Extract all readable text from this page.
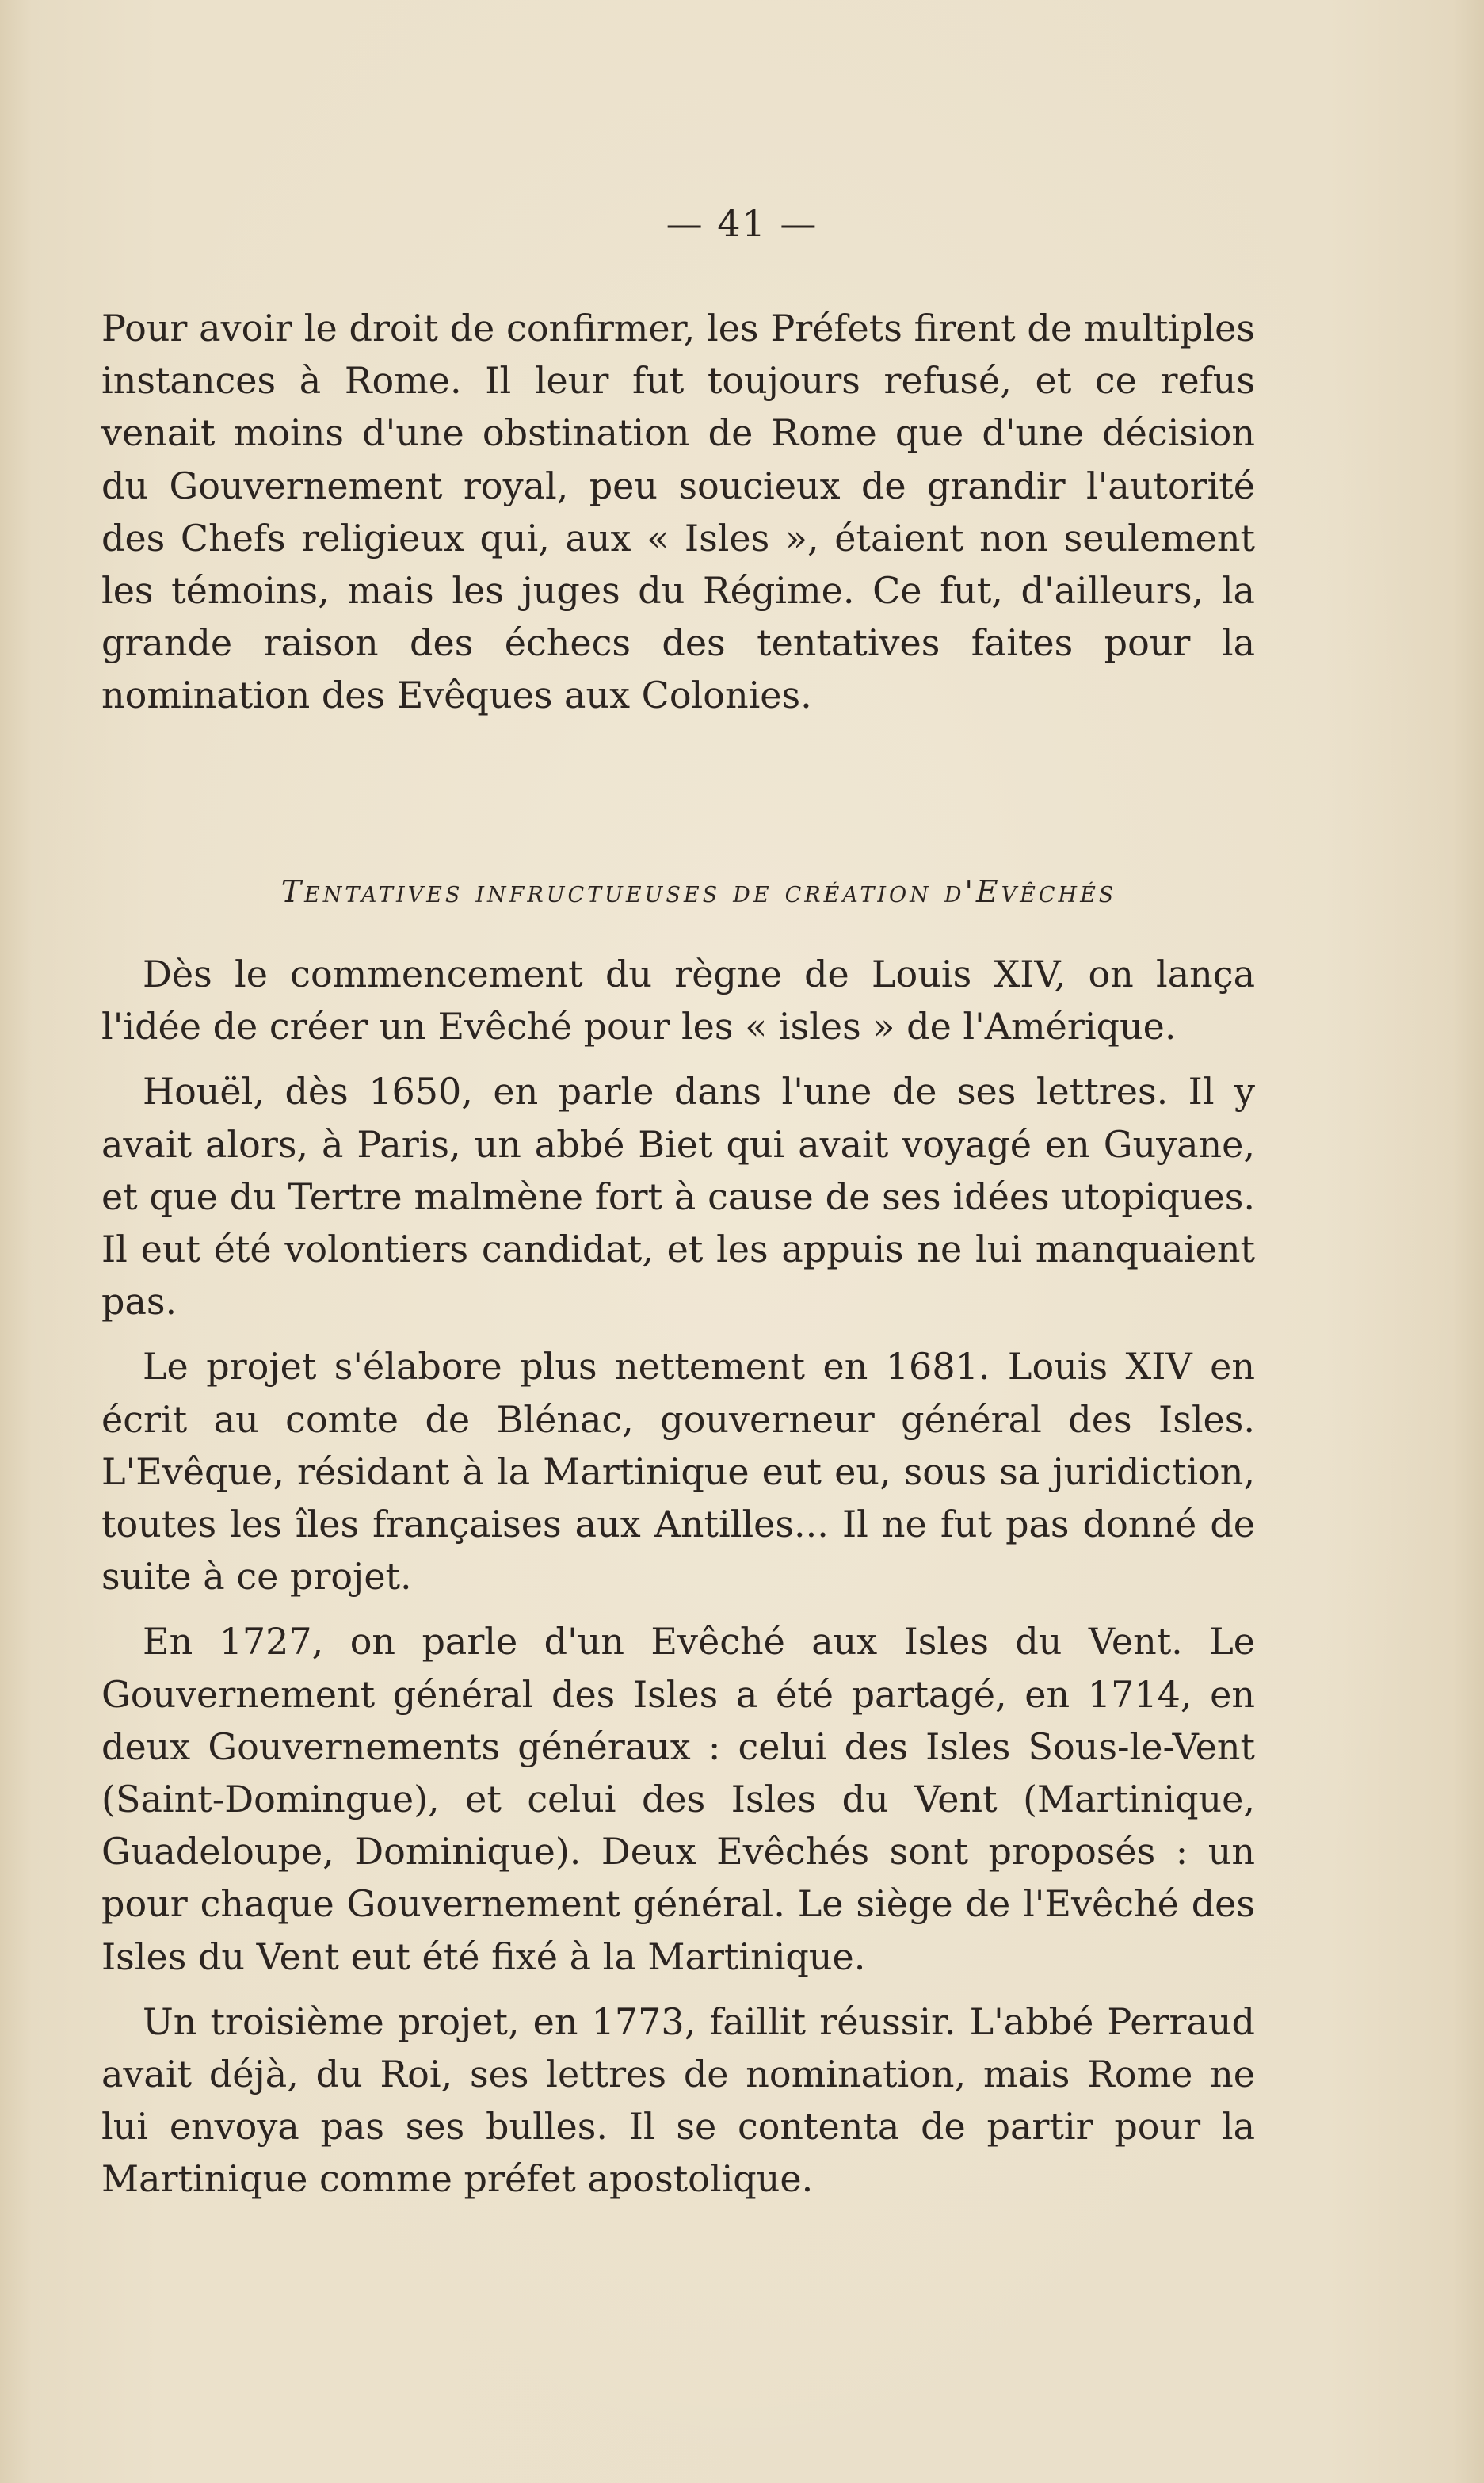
— 41 —

Pour avoir le droit de confirmer, les Préfets firent de multiples instances à Rome. Il leur fut toujours refusé, et ce refus venait moins d'une obstination de Rome que d'une décision du Gouvernement royal, peu soucieux de grandir l'autorité des Chefs religieux qui, aux « Isles », étaient non seulement les témoins, mais les juges du Régime. Ce fut, d'ailleurs, la grande raison des échecs des tentatives faites pour la nomination des Evêques aux Colonies.

Tentatives infructueuses de création d'Evêchés

Dès le commencement du règne de Louis XIV, on lança l'idée de créer un Evêché pour les « isles » de l'Amérique.

Houël, dès 1650, en parle dans l'une de ses lettres. Il y avait alors, à Paris, un abbé Biet qui avait voyagé en Guyane, et que du Tertre malmène fort à cause de ses idées utopiques. Il eut été volontiers candidat, et les appuis ne lui manquaient pas.

Le projet s'élabore plus nettement en 1681. Louis XIV en écrit au comte de Blénac, gouverneur général des Isles. L'Evêque, résidant à la Martinique eut eu, sous sa juridiction, toutes les îles françaises aux Antilles... Il ne fut pas donné de suite à ce projet.

En 1727, on parle d'un Evêché aux Isles du Vent. Le Gouvernement général des Isles a été partagé, en 1714, en deux Gouvernements généraux : celui des Isles Sous-le-Vent (Saint-Domingue), et celui des Isles du Vent (Martinique, Guadeloupe, Dominique). Deux Evêchés sont proposés : un pour chaque Gouvernement général. Le siège de l'Evêché des Isles du Vent eut été fixé à la Martinique.

Un troisième projet, en 1773, faillit réussir. L'abbé Perraud avait déjà, du Roi, ses lettres de nomination, mais Rome ne lui envoya pas ses bulles. Il se contenta de partir pour la Martinique comme préfet apostolique.
